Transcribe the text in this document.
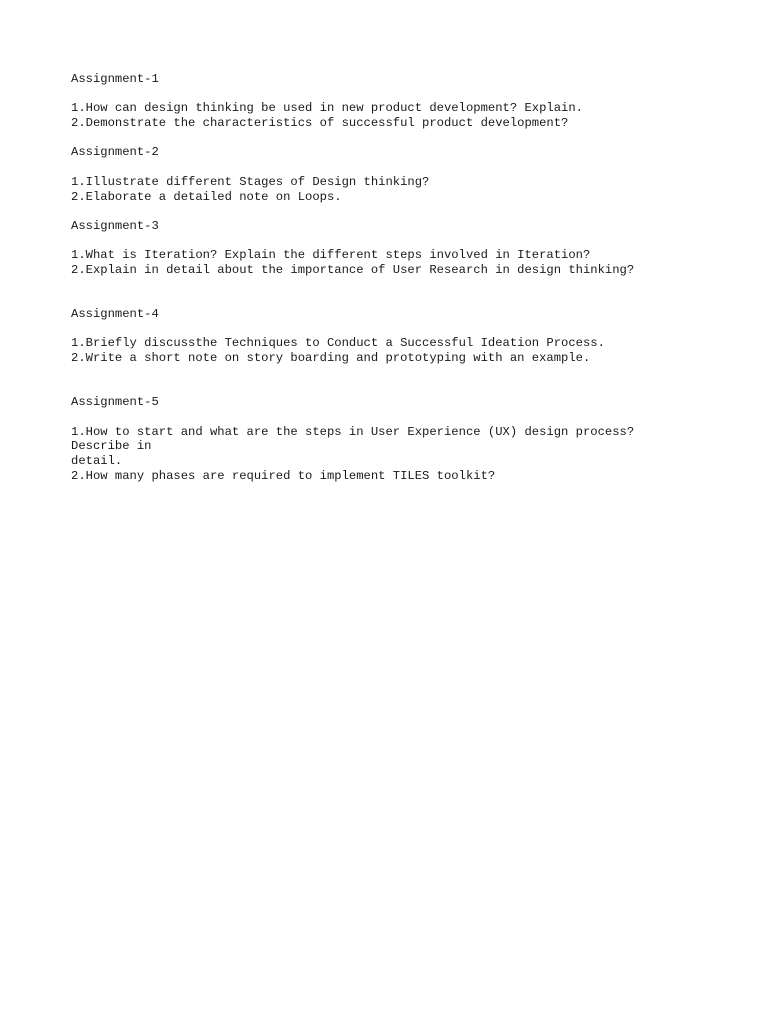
Assignment-1
1.How can design thinking be used in new product development? Explain.
2.Demonstrate the characteristics of successful product development?
Assignment-2
1.Illustrate different Stages of Design thinking?
2.Elaborate a detailed note on Loops.
Assignment-3
1.What is Iteration? Explain the different steps involved in Iteration?
2.Explain in detail about the importance of User Research in design thinking?
Assignment-4
1.Briefly discussthe Techniques to Conduct a Successful Ideation Process.
2.Write a short note on story boarding and prototyping with an example.
Assignment-5
1.How to start and what are the steps in User Experience (UX) design process?
Describe in
detail.
2.How many phases are required to implement TILES toolkit?
